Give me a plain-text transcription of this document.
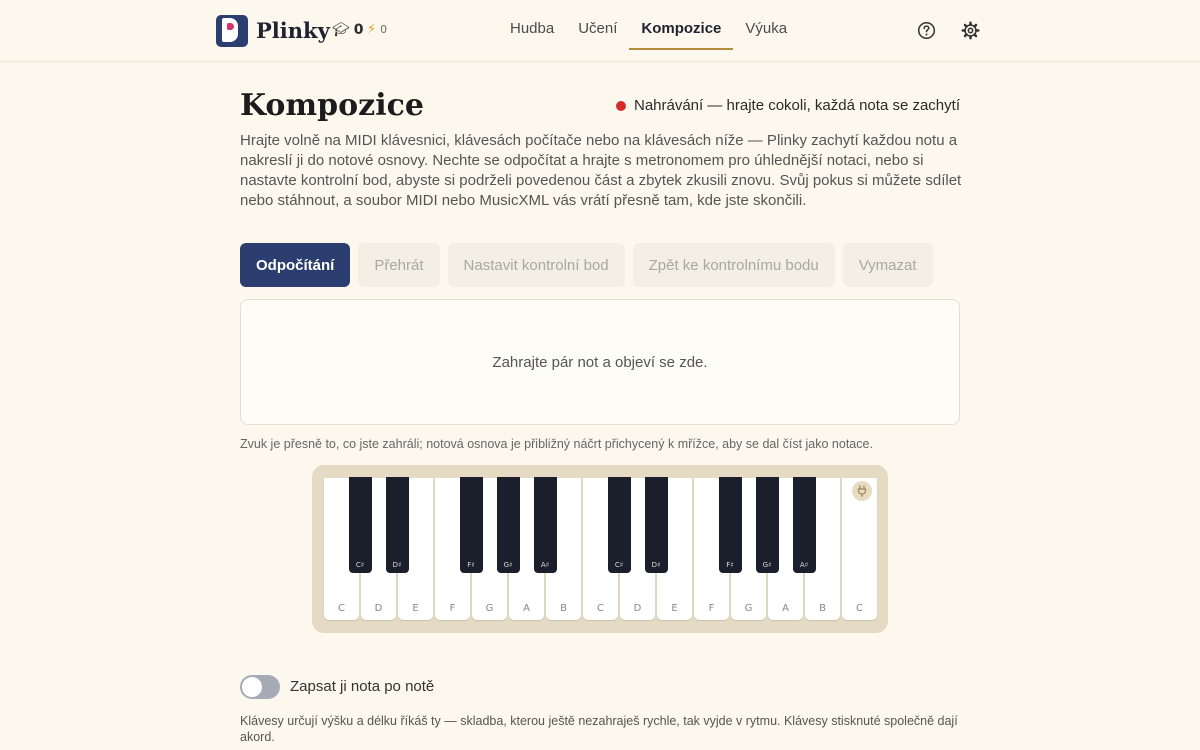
Plinky 🎓︎ 0 ⚡︎ 0	Hudba	Učení	Kompozice	Výuka
Kompozice	Nahrávání — hrajte cokoli, každá nota se zachytí

Hrajte volně na MIDI klávesnici, klávesách počítače nebo na klávesách níže — Plinky zachytí každou notu a nakreslí ji do notové osnovy. Nechte se odpočítat a hrajte s metronomem pro úhlednější notaci, nebo si nastavte kontrolní bod, abyste si podrželi povedenou část a zbytek zkusili znovu. Svůj pokus si můžete sdílet nebo stáhnout, a soubor MIDI nebo MusicXML vás vrátí přesně tam, kde jste skončili.

Odpočítání	Přehrát	Nastavit kontrolní bod	Zpět ke kontrolnímu bodu	Vymazat
Zahrajte pár not a objeví se zde.
Zvuk je přesně to, co jste zahráli; notová osnova je přibližný náčrt přichycený k mřížce, aby se dal číst jako notace.
C	D	E	F	G	A	B	C	D	E	F	G	A	B	C
C♯	D♯	F♯	G♯	A♯	C♯	D♯	F♯	G♯	A♯
Zapsat ji nota po notě

Klávesy určují výšku a délku říkáš ty — skladba, kterou ještě nezahraješ rychle, tak vyjde v rytmu. Klávesy stisknuté společně dají akord.
